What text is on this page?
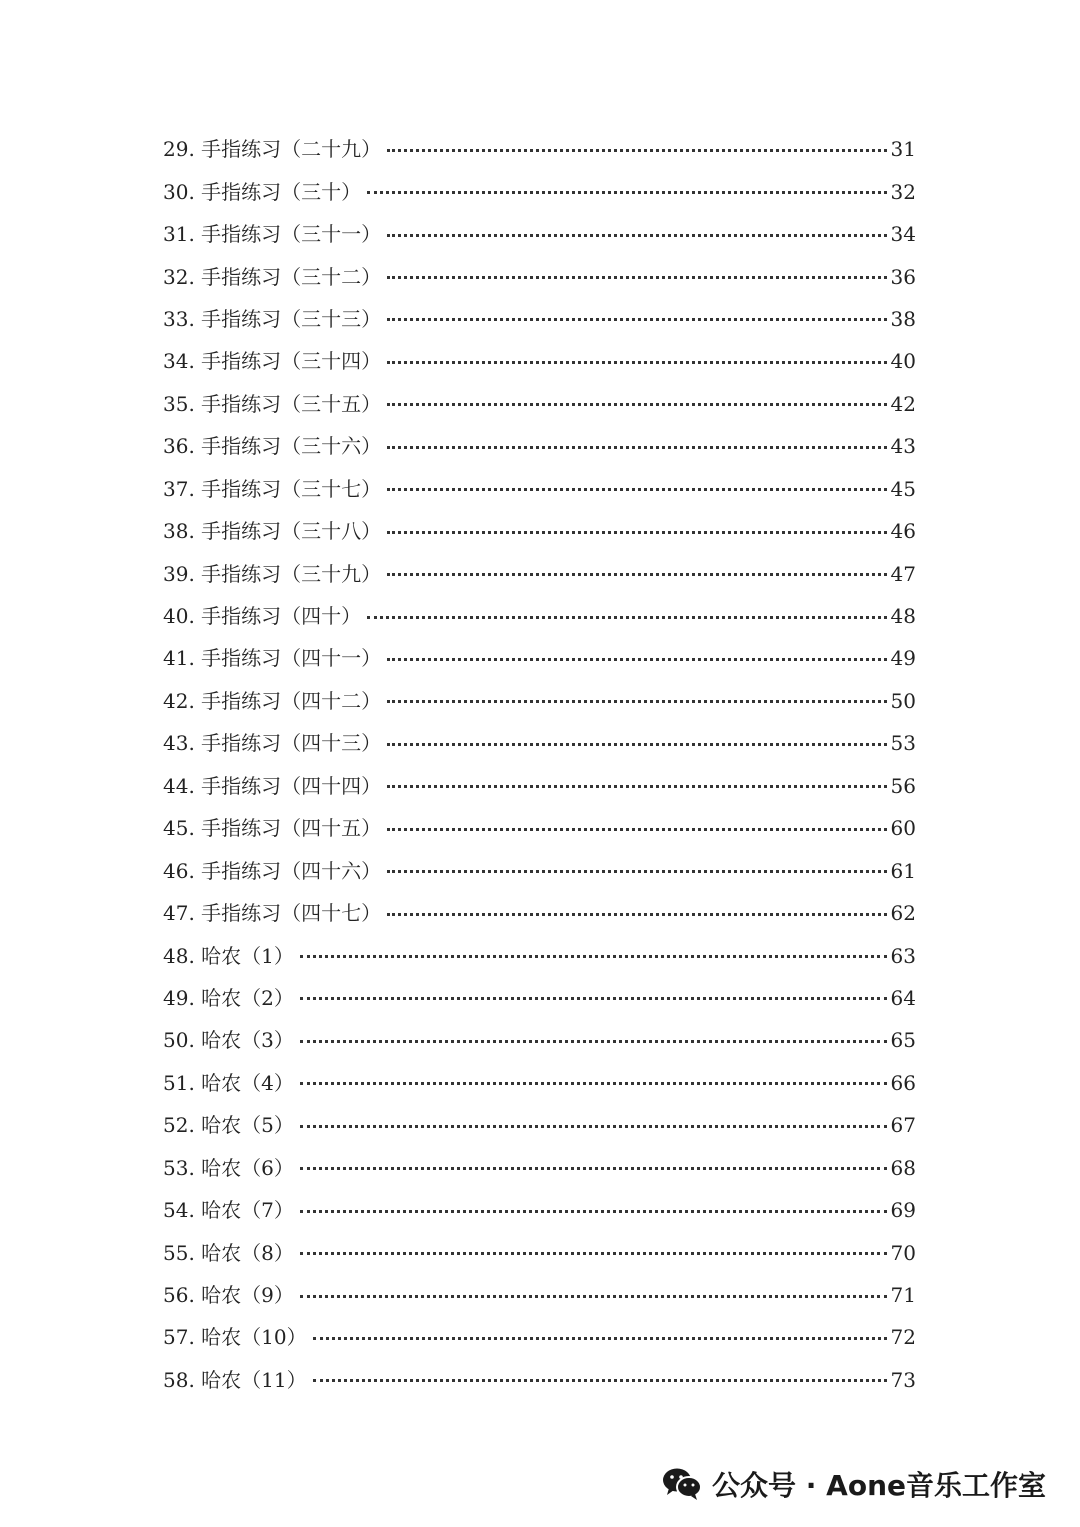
29. 手指练习（二十九）	31
30. 手指练习（三十）	32
31. 手指练习（三十一）	34
32. 手指练习（三十二）	36
33. 手指练习（三十三）	38
34. 手指练习（三十四）	40
35. 手指练习（三十五）	42
36. 手指练习（三十六）	43
37. 手指练习（三十七）	45
38. 手指练习（三十八）	46
39. 手指练习（三十九）	47
40. 手指练习（四十）	48
41. 手指练习（四十一）	49
42. 手指练习（四十二）	50
43. 手指练习（四十三）	53
44. 手指练习（四十四）	56
45. 手指练习（四十五）	60
46. 手指练习（四十六）	61
47. 手指练习（四十七）	62
48. 哈农（1）	63
49. 哈农（2）	64
50. 哈农（3）	65
51. 哈农（4）	66
52. 哈农（5）	67
53. 哈农（6）	68
54. 哈农（7）	69
55. 哈农（8）	70
56. 哈农（9）	71
57. 哈农（10）	72
58. 哈农（11）	73
公众号 · Aone音乐工作室
